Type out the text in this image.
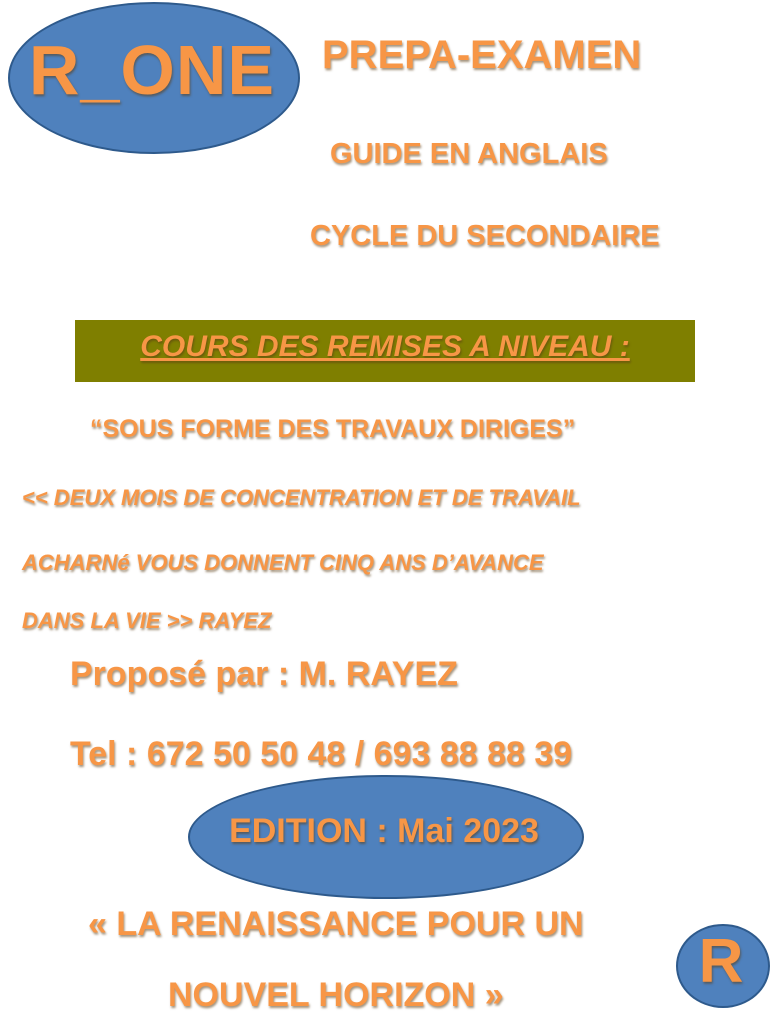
R_ONE	PREPA-EXAMEN
GUIDE EN ANGLAIS
CYCLE DU SECONDAIRE
COURS DES REMISES A NIVEAU :
“SOUS FORME DES TRAVAUX DIRIGES”
<< DEUX MOIS DE CONCENTRATION ET DE TRAVAIL
ACHARNé VOUS DONNENT CINQ ANS D’AVANCE
DANS LA VIE >> RAYEZ
Proposé par : M. RAYEZ
Tel : 672 50 50 48 / 693 88 88 39
EDITION : Mai 2023
« LA RENAISSANCE POUR UN
NOUVEL HORIZON »	R
